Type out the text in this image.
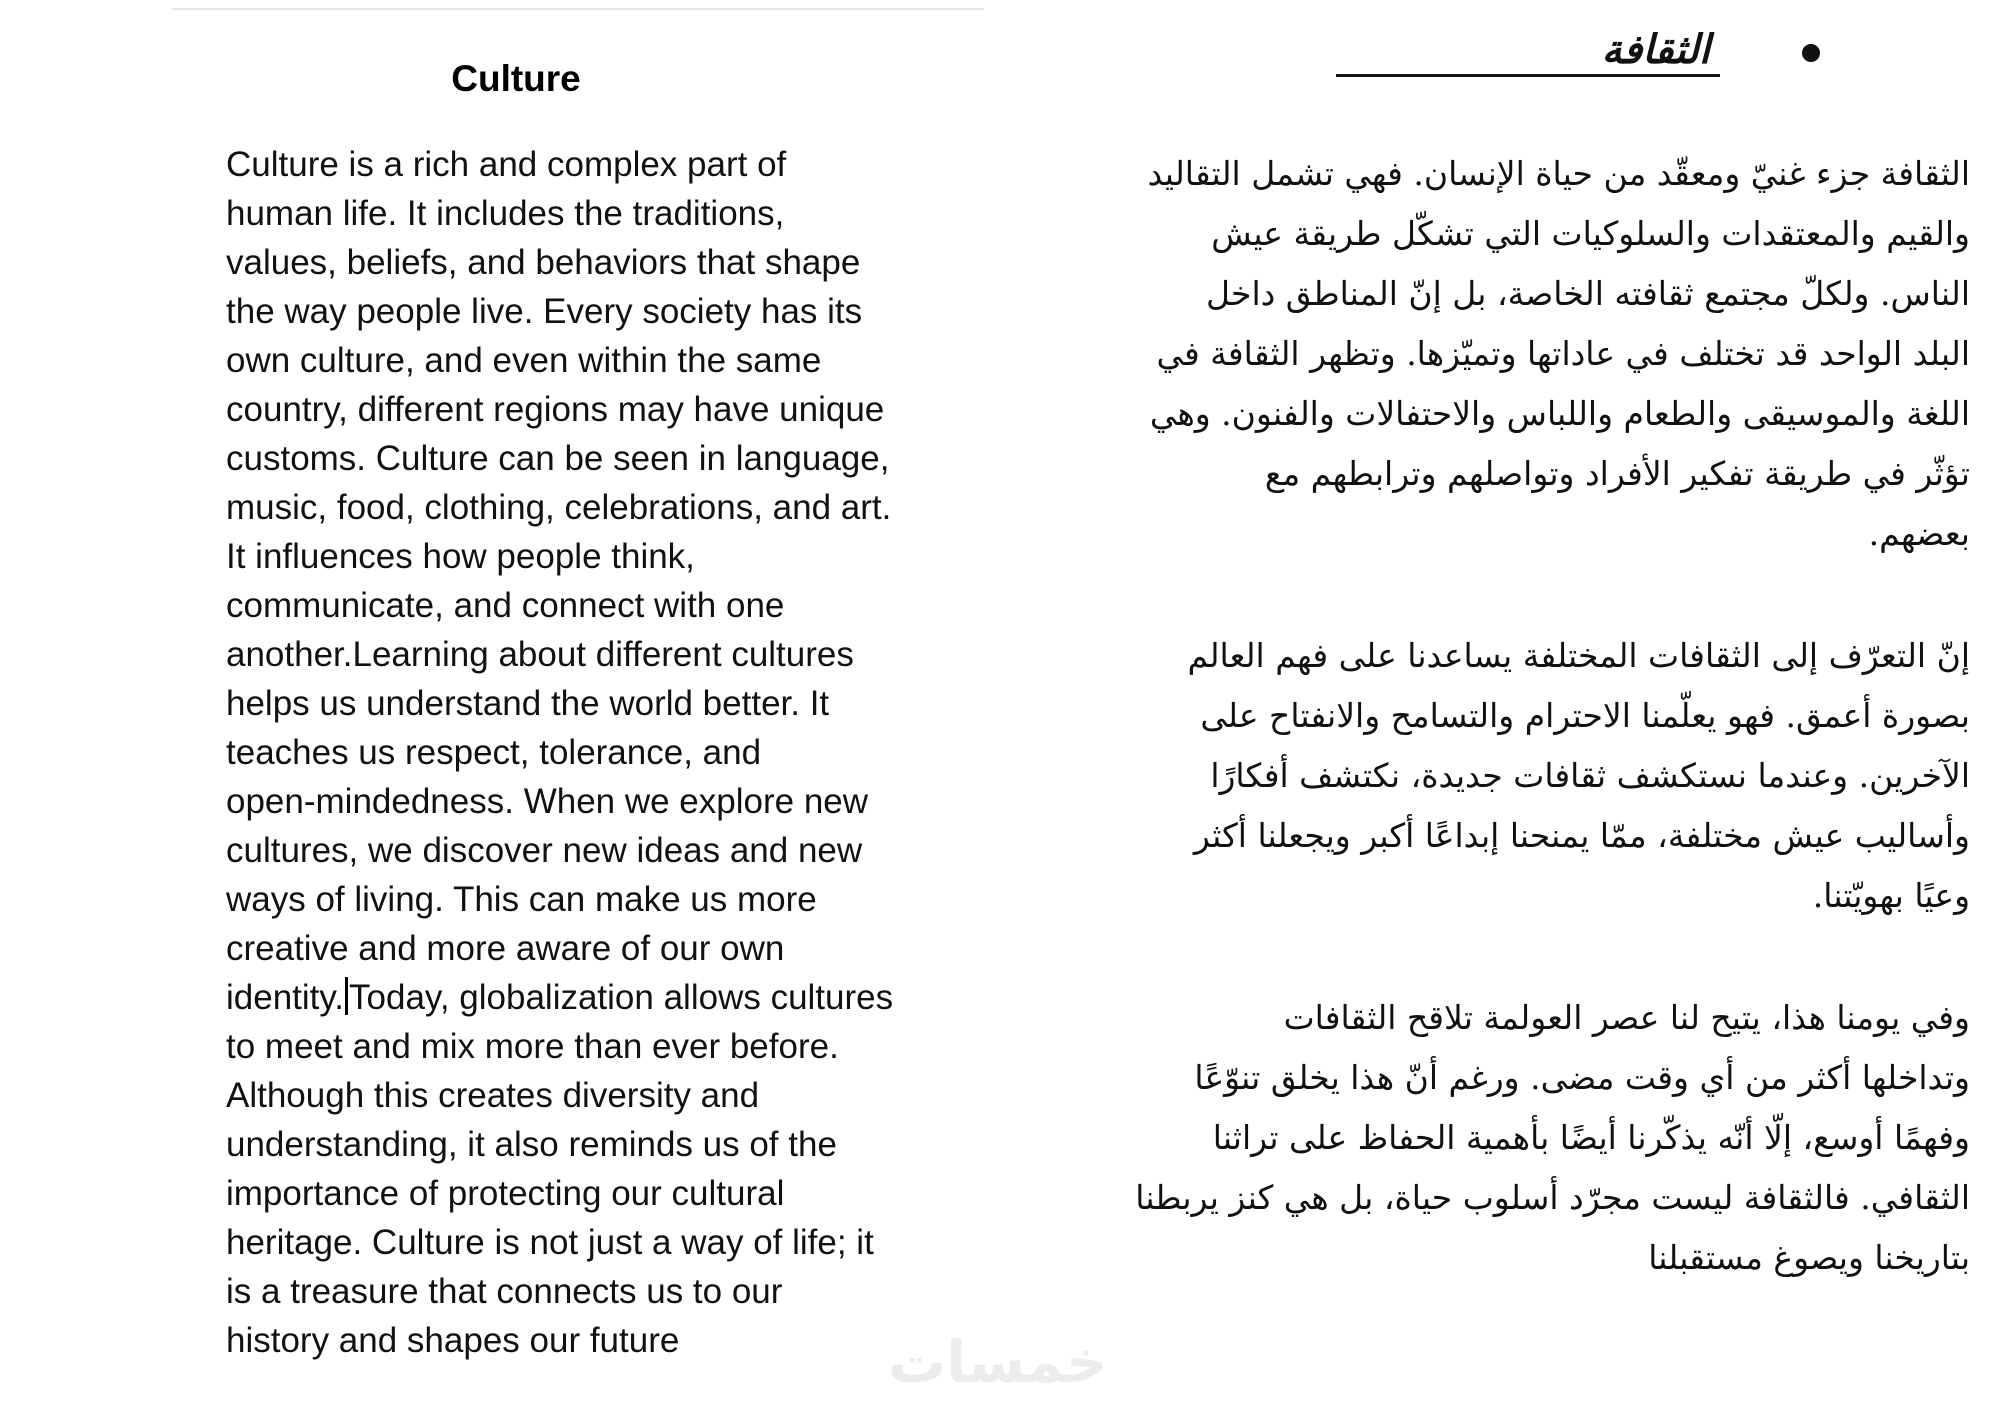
Culture

Culture is a rich and complex part of
human life. It includes the traditions,
values, beliefs, and behaviors that shape
the way people live. Every society has its
own culture, and even within the same
country, different regions may have unique
customs. Culture can be seen in language,
music, food, clothing, celebrations, and art.
It influences how people think,
communicate, and connect with one
another.Learning about different cultures
helps us understand the world better. It
teaches us respect, tolerance, and
open-mindedness. When we explore new
cultures, we discover new ideas and new
ways of living. This can make us more
creative and more aware of our own
identity. Today, globalization allows cultures
to meet and mix more than ever before.
Although this creates diversity and
understanding, it also reminds us of the
importance of protecting our cultural
heritage. Culture is not just a way of life; it
is a treasure that connects us to our
history and shapes our future

الثقافة

الثقافة جزء غنيّ ومعقّد من حياة الإنسان. فهي تشمل التقاليد
والقيم والمعتقدات والسلوكيات التي تشكّل طريقة عيش
الناس. ولكلّ مجتمع ثقافته الخاصة، بل إنّ المناطق داخل
البلد الواحد قد تختلف في عاداتها وتميّزها. وتظهر الثقافة في
اللغة والموسيقى والطعام واللباس والاحتفالات والفنون. وهي
تؤثّر في طريقة تفكير الأفراد وتواصلهم وترابطهم مع
بعضهم.

إنّ التعرّف إلى الثقافات المختلفة يساعدنا على فهم العالم
بصورة أعمق. فهو يعلّمنا الاحترام والتسامح والانفتاح على
الآخرين. وعندما نستكشف ثقافات جديدة، نكتشف أفكارًا
وأساليب عيش مختلفة، ممّا يمنحنا إبداعًا أكبر ويجعلنا أكثر
وعيًا بهويّتنا.

وفي يومنا هذا، يتيح لنا عصر العولمة تلاقح الثقافات
وتداخلها أكثر من أي وقت مضى. ورغم أنّ هذا يخلق تنوّعًا
وفهمًا أوسع، إلّا أنّه يذكّرنا أيضًا بأهمية الحفاظ على تراثنا
الثقافي. فالثقافة ليست مجرّد أسلوب حياة، بل هي كنز يربطنا
بتاريخنا ويصوغ مستقبلنا

خمسات
